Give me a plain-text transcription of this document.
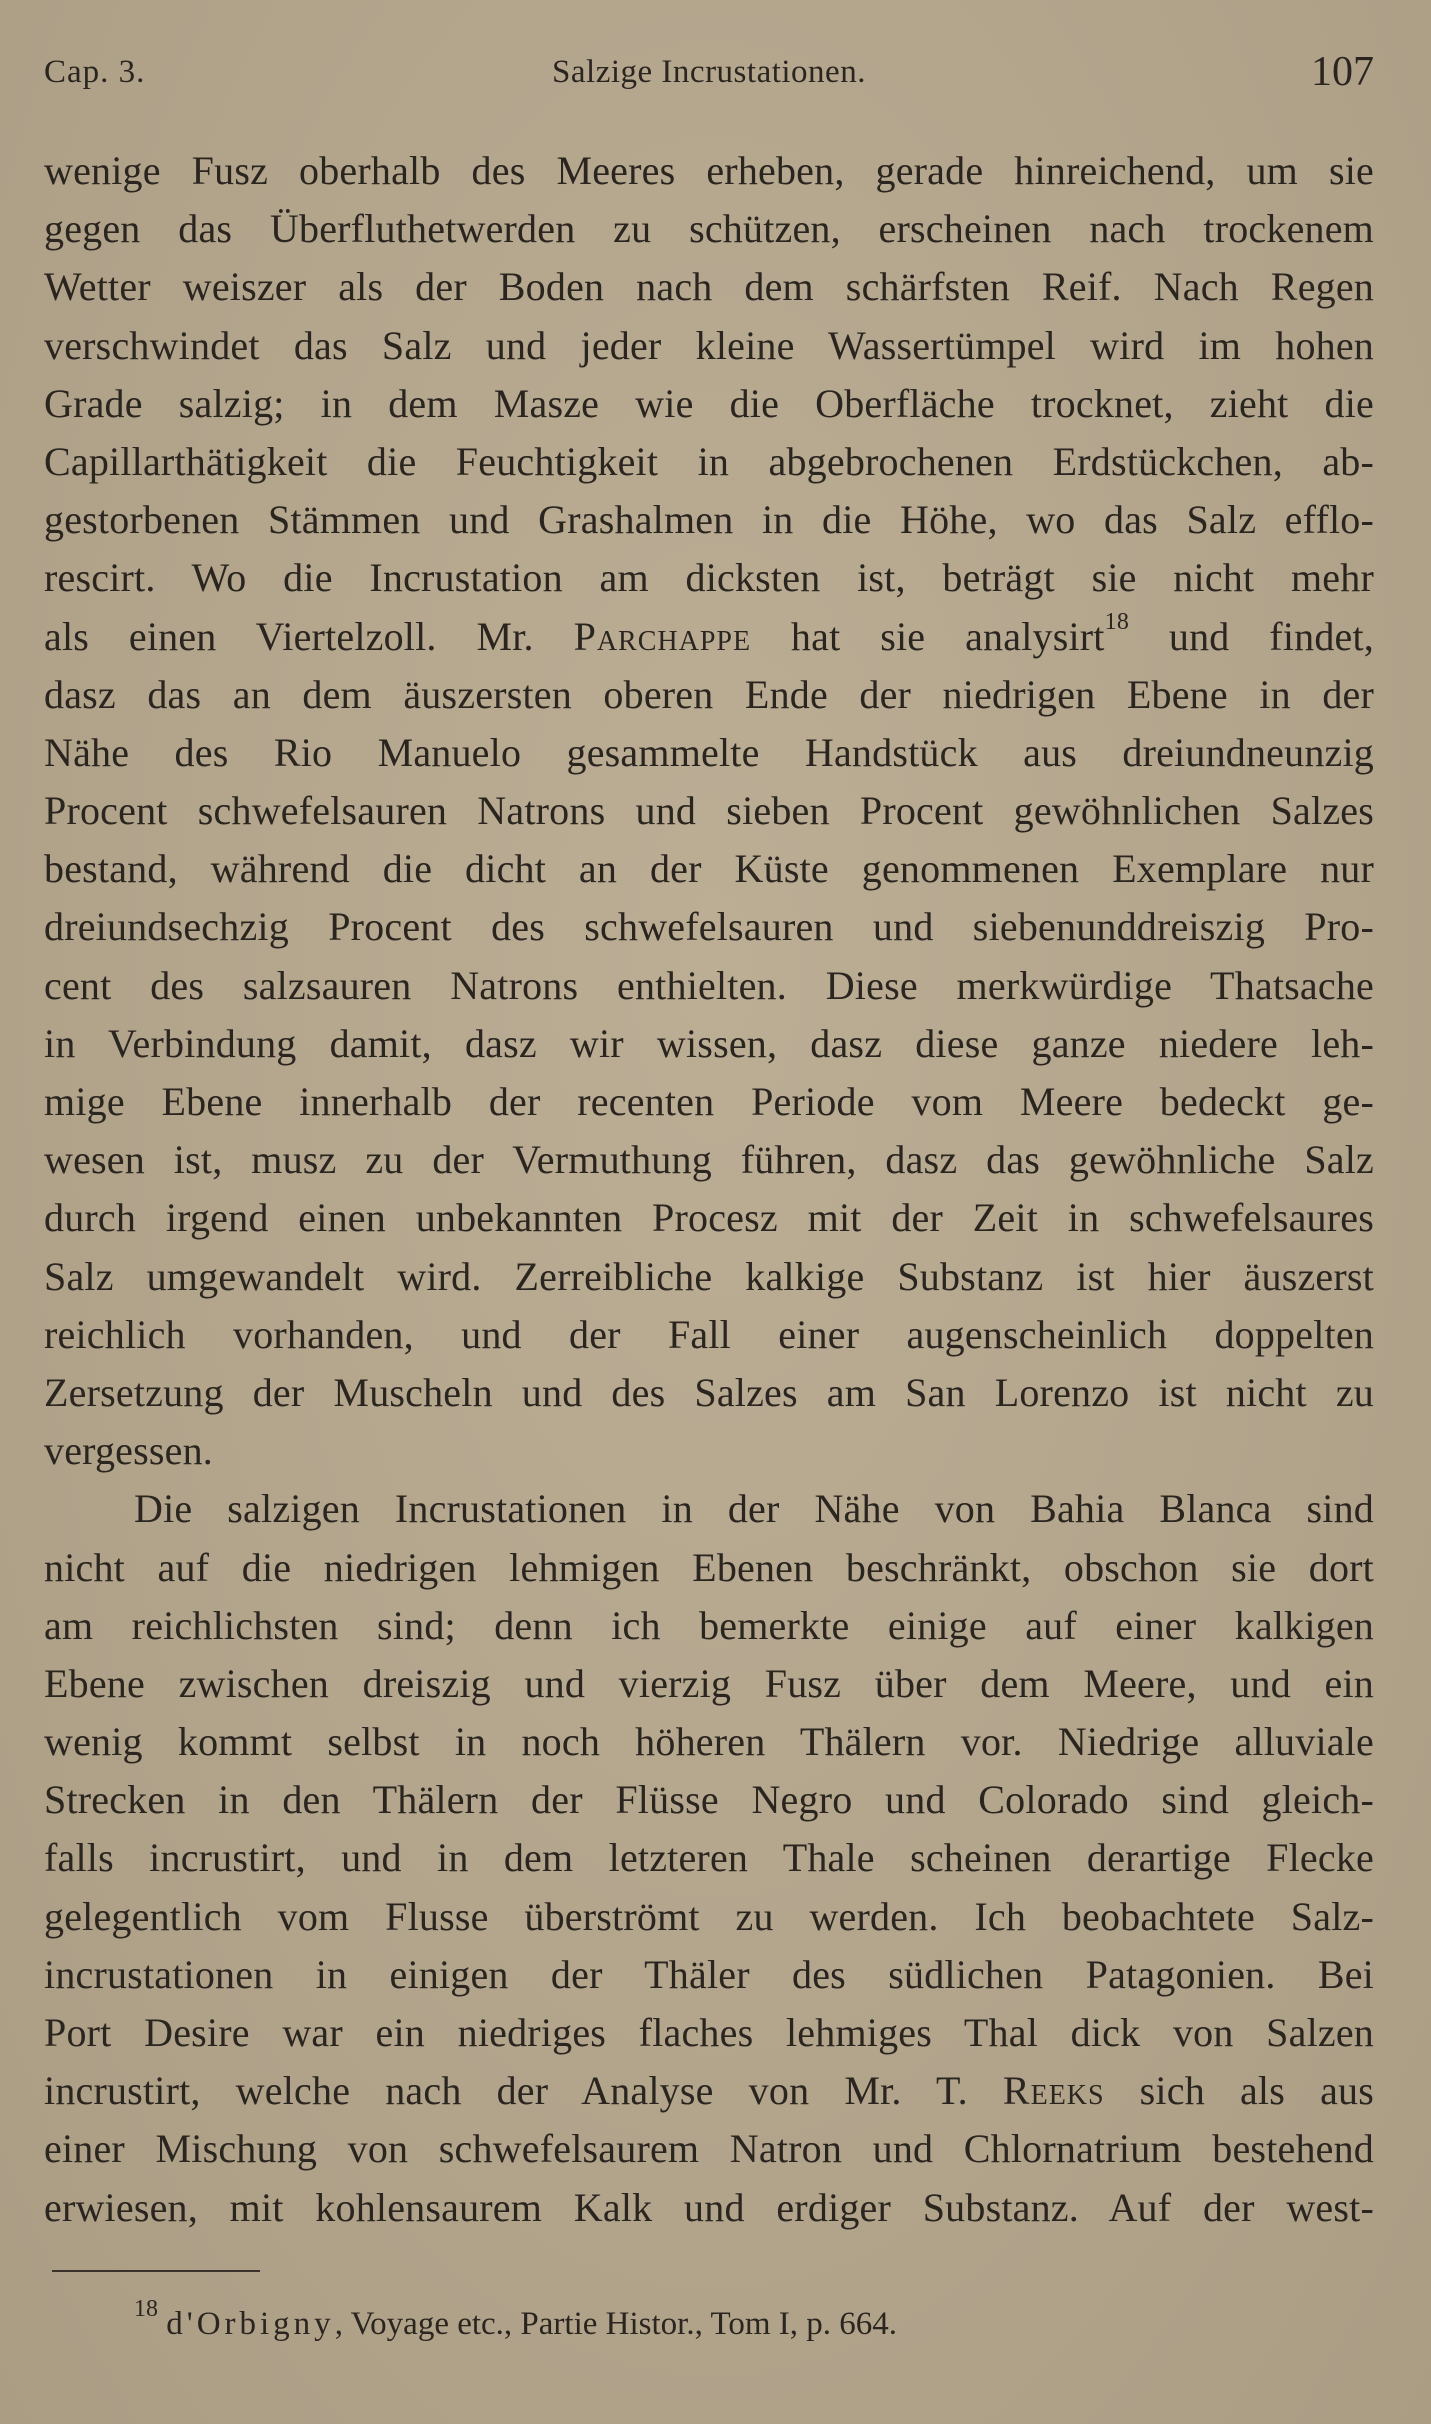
Cap. 3.	Salzige Incrustationen.	107
wenige Fusz oberhalb des Meeres erheben, gerade hinreichend, um sie
gegen das Überfluthetwerden zu schützen, erscheinen nach trockenem
Wetter weiszer als der Boden nach dem schärfsten Reif. Nach Regen
verschwindet das Salz und jeder kleine Wassertümpel wird im hohen
Grade salzig; in dem Masze wie die Oberfläche trocknet, zieht die
Capillarthätigkeit die Feuchtigkeit in abgebrochenen Erdstückchen, ab-
gestorbenen Stämmen und Grashalmen in die Höhe, wo das Salz efflo-
rescirt. Wo die Incrustation am dicksten ist, beträgt sie nicht mehr
als einen Viertelzoll. Mr. Parchappe hat sie analysirt$^{18}$ und findet,
dasz das an dem äuszersten oberen Ende der niedrigen Ebene in der
Nähe des Rio Manuelo gesammelte Handstück aus dreiundneunzig
Procent schwefelsauren Natrons und sieben Procent gewöhnlichen Salzes
bestand, während die dicht an der Küste genommenen Exemplare nur
dreiundsechzig Procent des schwefelsauren und siebenunddreiszig Pro-
cent des salzsauren Natrons enthielten. Diese merkwürdige Thatsache
in Verbindung damit, dasz wir wissen, dasz diese ganze niedere leh-
mige Ebene innerhalb der recenten Periode vom Meere bedeckt ge-
wesen ist, musz zu der Vermuthung führen, dasz das gewöhnliche Salz
durch irgend einen unbekannten Procesz mit der Zeit in schwefelsaures
Salz umgewandelt wird. Zerreibliche kalkige Substanz ist hier äuszerst
reichlich vorhanden, und der Fall einer augenscheinlich doppelten
Zersetzung der Muscheln und des Salzes am San Lorenzo ist nicht zu
vergessen.
Die salzigen Incrustationen in der Nähe von Bahia Blanca sind
nicht auf die niedrigen lehmigen Ebenen beschränkt, obschon sie dort
am reichlichsten sind; denn ich bemerkte einige auf einer kalkigen
Ebene zwischen dreiszig und vierzig Fusz über dem Meere, und ein
wenig kommt selbst in noch höheren Thälern vor. Niedrige alluviale
Strecken in den Thälern der Flüsse Negro und Colorado sind gleich-
falls incrustirt, und in dem letzteren Thale scheinen derartige Flecke
gelegentlich vom Flusse überströmt zu werden. Ich beobachtete Salz-
incrustationen in einigen der Thäler des südlichen Patagonien. Bei
Port Desire war ein niedriges flaches lehmiges Thal dick von Salzen
incrustirt, welche nach der Analyse von Mr. T. Reeks sich als aus
einer Mischung von schwefelsaurem Natron und Chlornatrium bestehend
erwiesen, mit kohlensaurem Kalk und erdiger Substanz. Auf der west-
$^{18}$ d'Orbigny, Voyage etc., Partie Histor., Tom I, p. 664.
